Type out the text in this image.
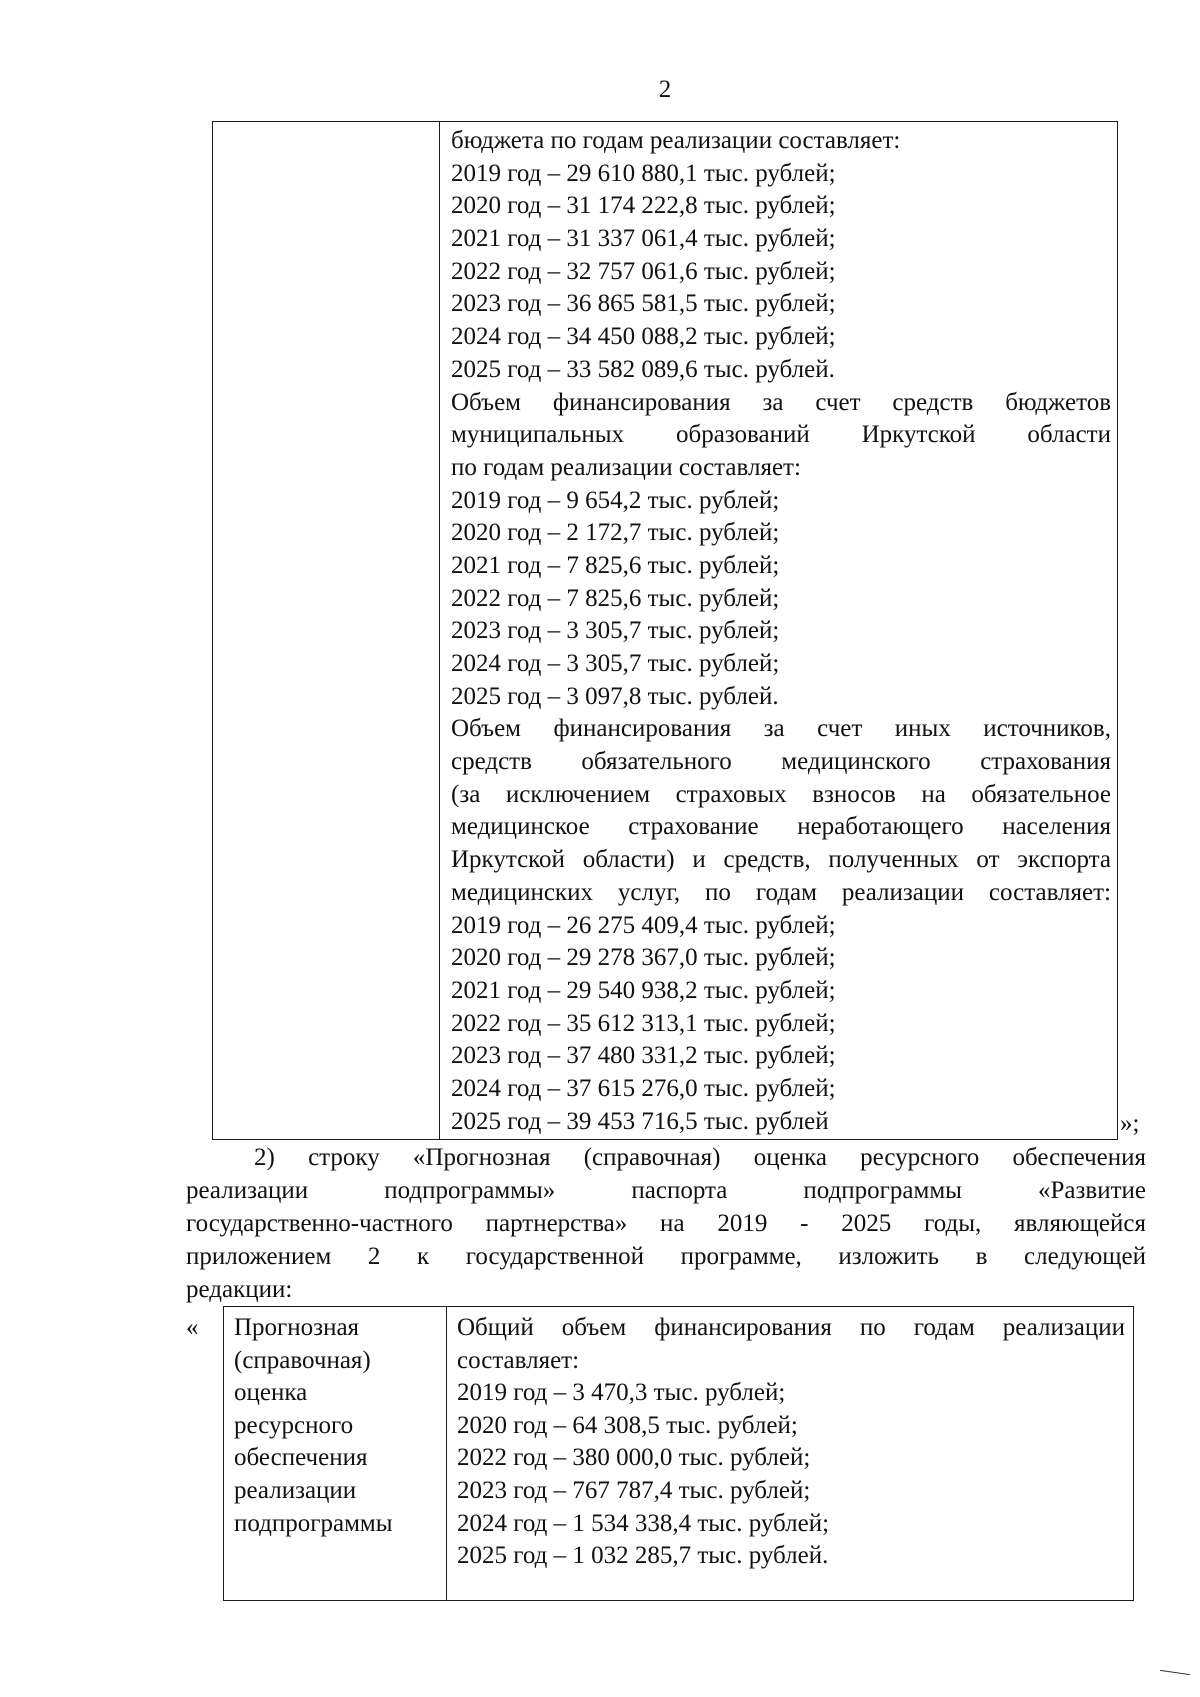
2
бюджета по годам реализации составляет:
2019 год – 29 610 880,1 тыс. рублей;
2020 год – 31 174 222,8 тыс. рублей;
2021 год – 31 337 061,4 тыс. рублей;
2022 год – 32 757 061,6 тыс. рублей;
2023 год – 36 865 581,5 тыс. рублей;
2024 год – 34 450 088,2 тыс. рублей;
2025 год – 33 582 089,6 тыс. рублей.
Объем финансирования за счет средств бюджетов
муниципальных образований Иркутской области
по годам реализации составляет:
2019 год – 9 654,2 тыс. рублей;
2020 год – 2 172,7 тыс. рублей;
2021 год – 7 825,6 тыс. рублей;
2022 год – 7 825,6 тыс. рублей;
2023 год – 3 305,7 тыс. рублей;
2024 год – 3 305,7 тыс. рублей;
2025 год – 3 097,8 тыс. рублей.
Объем финансирования за счет иных источников,
средств обязательного медицинского страхования
(за исключением страховых взносов на обязательное
медицинское страхование неработающего населения
Иркутской области) и средств, полученных от экспорта
медицинских услуг, по годам реализации составляет:
2019 год – 26 275 409,4 тыс. рублей;
2020 год – 29 278 367,0 тыс. рублей;
2021 год – 29 540 938,2 тыс. рублей;
2022 год – 35 612 313,1 тыс. рублей;
2023 год – 37 480 331,2 тыс. рублей;
2024 год – 37 615 276,0 тыс. рублей;
2025 год – 39 453 716,5 тыс. рублей	»;
2) строку «Прогнозная (справочная) оценка ресурсного обеспечения
реализации подпрограммы» паспорта подпрограммы «Развитие
государственно-частного партнерства» на 2019 - 2025 годы, являющейся
приложением 2 к государственной программе, изложить в следующей
редакции:
« Прогнозная
(справочная)
оценка
ресурсного
обеспечения
реализации
подпрограммы
Общий объем финансирования по годам реализации
составляет:
2019 год – 3 470,3 тыс. рублей;
2020 год – 64 308,5 тыс. рублей;
2022 год – 380 000,0 тыс. рублей;
2023 год – 767 787,4 тыс. рублей;
2024 год – 1 534 338,4 тыс. рублей;
2025 год – 1 032 285,7 тыс. рублей.
